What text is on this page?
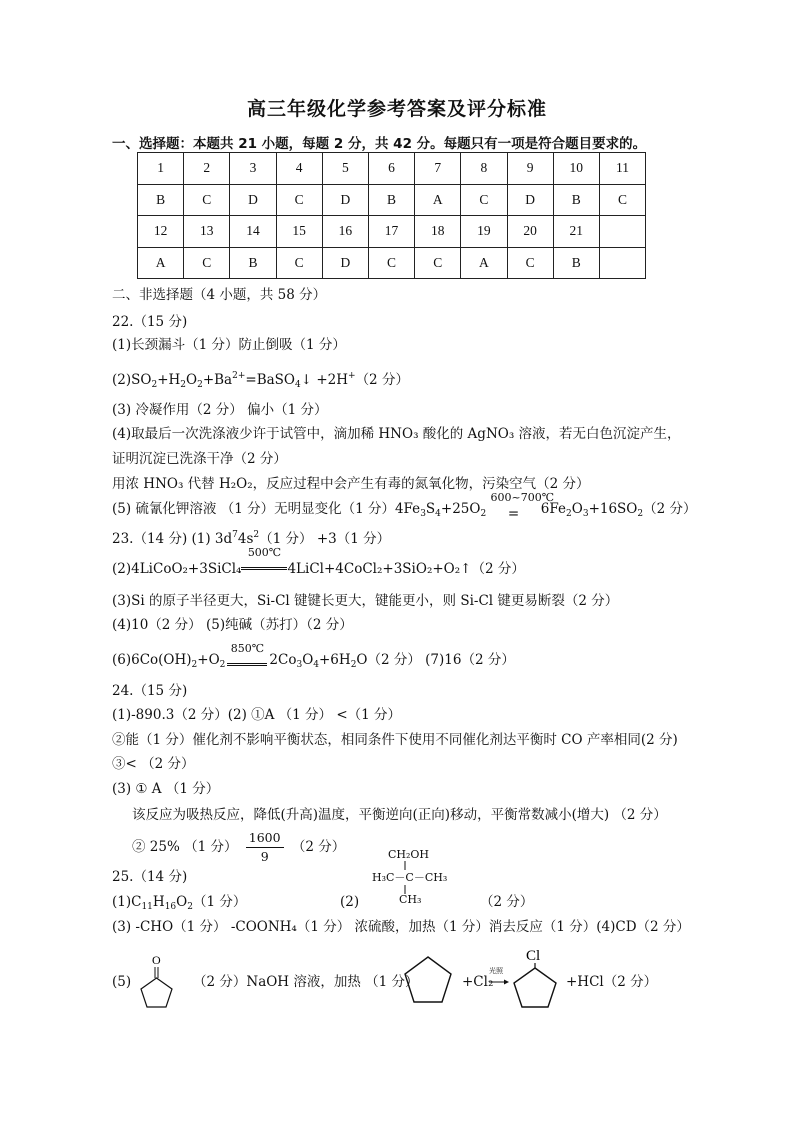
高三年级化学参考答案及评分标准
一、选择题：本题共 21 小题，每题 2 分，共 42 分。每题只有一项是符合题目要求的。
1	2	3	4	5	6	7	8	9	10	11
B	C	D	C	D	B	A	C	D	B	C
12	13	14	15	16	17	18	19	20	21	
A	C	B	C	D	C	C	A	C	B	
二、非选择题（4 小题，共 58 分）
22.（15 分)
(1)长颈漏斗（1 分）防止倒吸（1 分）
$(2)SO_2+H_2O_2+Ba^{2+}=BaSO_4↓ +2H^+(2$ 分）
(3) 冷凝作用（2 分） 偏小（1 分）
(4)取最后一次洗涤液少许于试管中，滴加稀 HNO₃ 酸化的 AgNO₃ 溶液，若无白色沉淀产生，
证明沉淀已洗涤干净（2 分）
用浓 HNO₃ 代替 H₂O₂，反应过程中会产生有毒的氮氧化物，污染空气（2 分）
(5) 硫氰化钾溶液 （1 分）无明显变化（1 分）$4Fe_3S_4+25O_2$
600~700℃
= $6Fe_2O_3+16SO_2(2$ 分）
23.（14 分) (1) $3d^74s^2(1$ 分） +3（1 分）
(2)4LiCoO₂+3SiCl₄
500℃
4LiCl+4CoCl₂+3SiO₂+O₂↑（2 分）
(3)Si 的原子半径更大，Si-Cl 键键长更大，键能更小，则 Si-Cl 键更易断裂（2 分）
(4)10（2 分） (5)纯碱（苏打）（2 分）
$(6)6Co(OH)_2+O_2$
850℃
$2Co_3O_4+6H_2O(2$ 分） (7)16（2 分）
24.（15 分)
(1)-890.3（2 分）(2) ①A （1 分） <（1 分）
②能（1 分）催化剂不影响平衡状态，相同条件下使用不同催化剂达平衡时 CO 产率相同(2 分)
③< （2 分）
(3) ① A （1 分）
该反应为吸热反应，降低(升高)温度，平衡逆向(正向)移动，平衡常数减小(增大) （2 分）
② 25% （1 分） $\frac{1600}{9} (2$ 分）	CH₂OH
H₃C－C－CH₃
CH₃
25.（14 分)
$(1)C_{11}H_{16}O_2(1$ 分）	(2)	（2 分）
(3) -CHO（1 分） -COONH₄（1 分） 浓硫酸，加热（1 分）消去反应（1 分）(4)CD（2 分）
(5)
O
（2 分）NaOH 溶液，加热 （1 分）	+Cl₂
光照
Cl
+HCl（2 分）
